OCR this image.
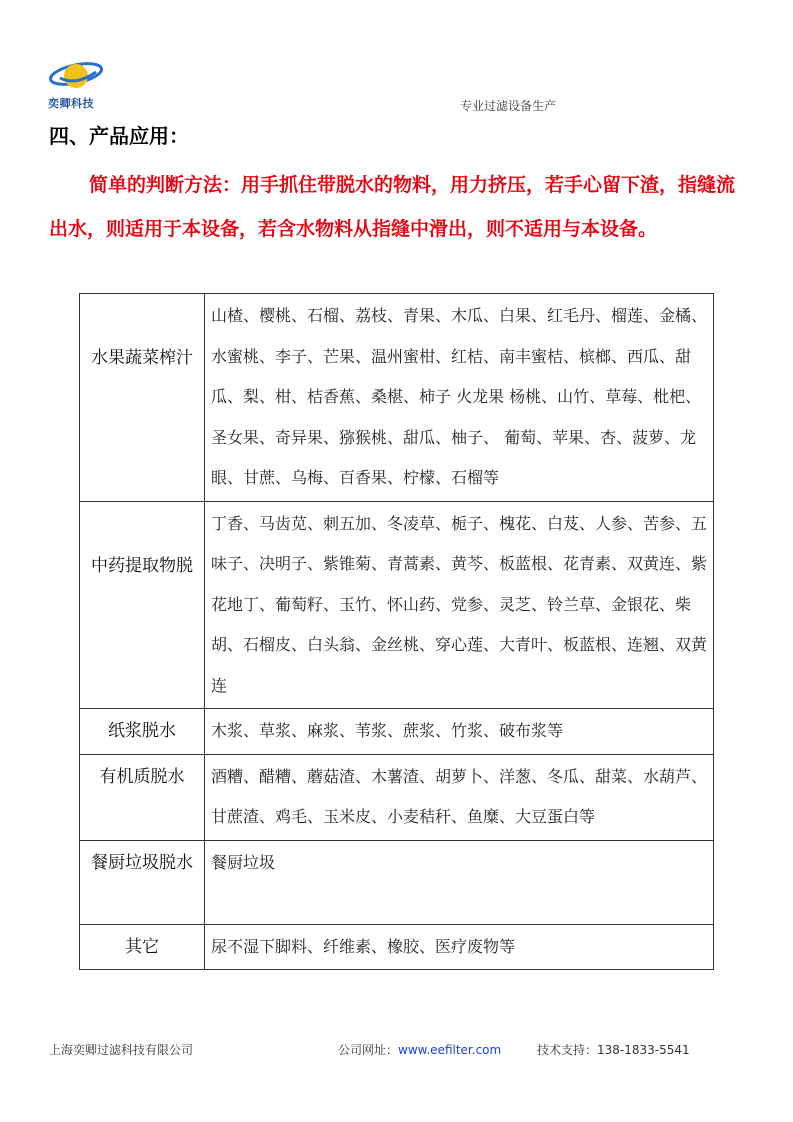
奕卿科技	专业过滤设备生产
四、产品应用：
简单的判断方法：用手抓住带脱水的物料，用力挤压，若手心留下渣，指缝流出水，则适用于本设备，若含水物料从指缝中滑出，则不适用与本设备。
水果蔬菜榨汁	山楂、樱桃、石榴、荔枝、青果、木瓜、白果、红毛丹、榴莲、金橘、水蜜桃、李子、芒果、温州蜜柑、红桔、南丰蜜桔、槟榔、西瓜、甜瓜、梨、柑、桔香蕉、桑椹、柿子 火龙果 杨桃、山竹、草莓、枇杷、圣女果、奇异果、猕猴桃、甜瓜、柚子、 葡萄、苹果、杏、菠萝、龙眼、甘蔗、乌梅、百香果、柠檬、石榴等
中药提取物脱	丁香、马齿苋、刺五加、冬凌草、栀子、槐花、白芨、人参、苦参、五味子、决明子、紫锥菊、青蒿素、黄芩、板蓝根、花青素、双黄连、紫花地丁、葡萄籽、玉竹、怀山药、党参、灵芝、铃兰草、金银花、柴胡、石榴皮、白头翁、金丝桃、穿心莲、大青叶、板蓝根、连翘、双黄连
纸浆脱水	木浆、草浆、麻浆、苇浆、蔗浆、竹浆、破布浆等
有机质脱水	酒糟、醋糟、蘑菇渣、木薯渣、胡萝卜、洋葱、冬瓜、甜菜、水葫芦、甘蔗渣、鸡毛、玉米皮、小麦秸秆、鱼糜、大豆蛋白等
餐厨垃圾脱水	餐厨垃圾
其它	尿不湿下脚料、纤维素、橡胶、医疗废物等
上海奕卿过滤科技有限公司	公司网址：www.eefilter.com	技术支持：138-1833-5541
